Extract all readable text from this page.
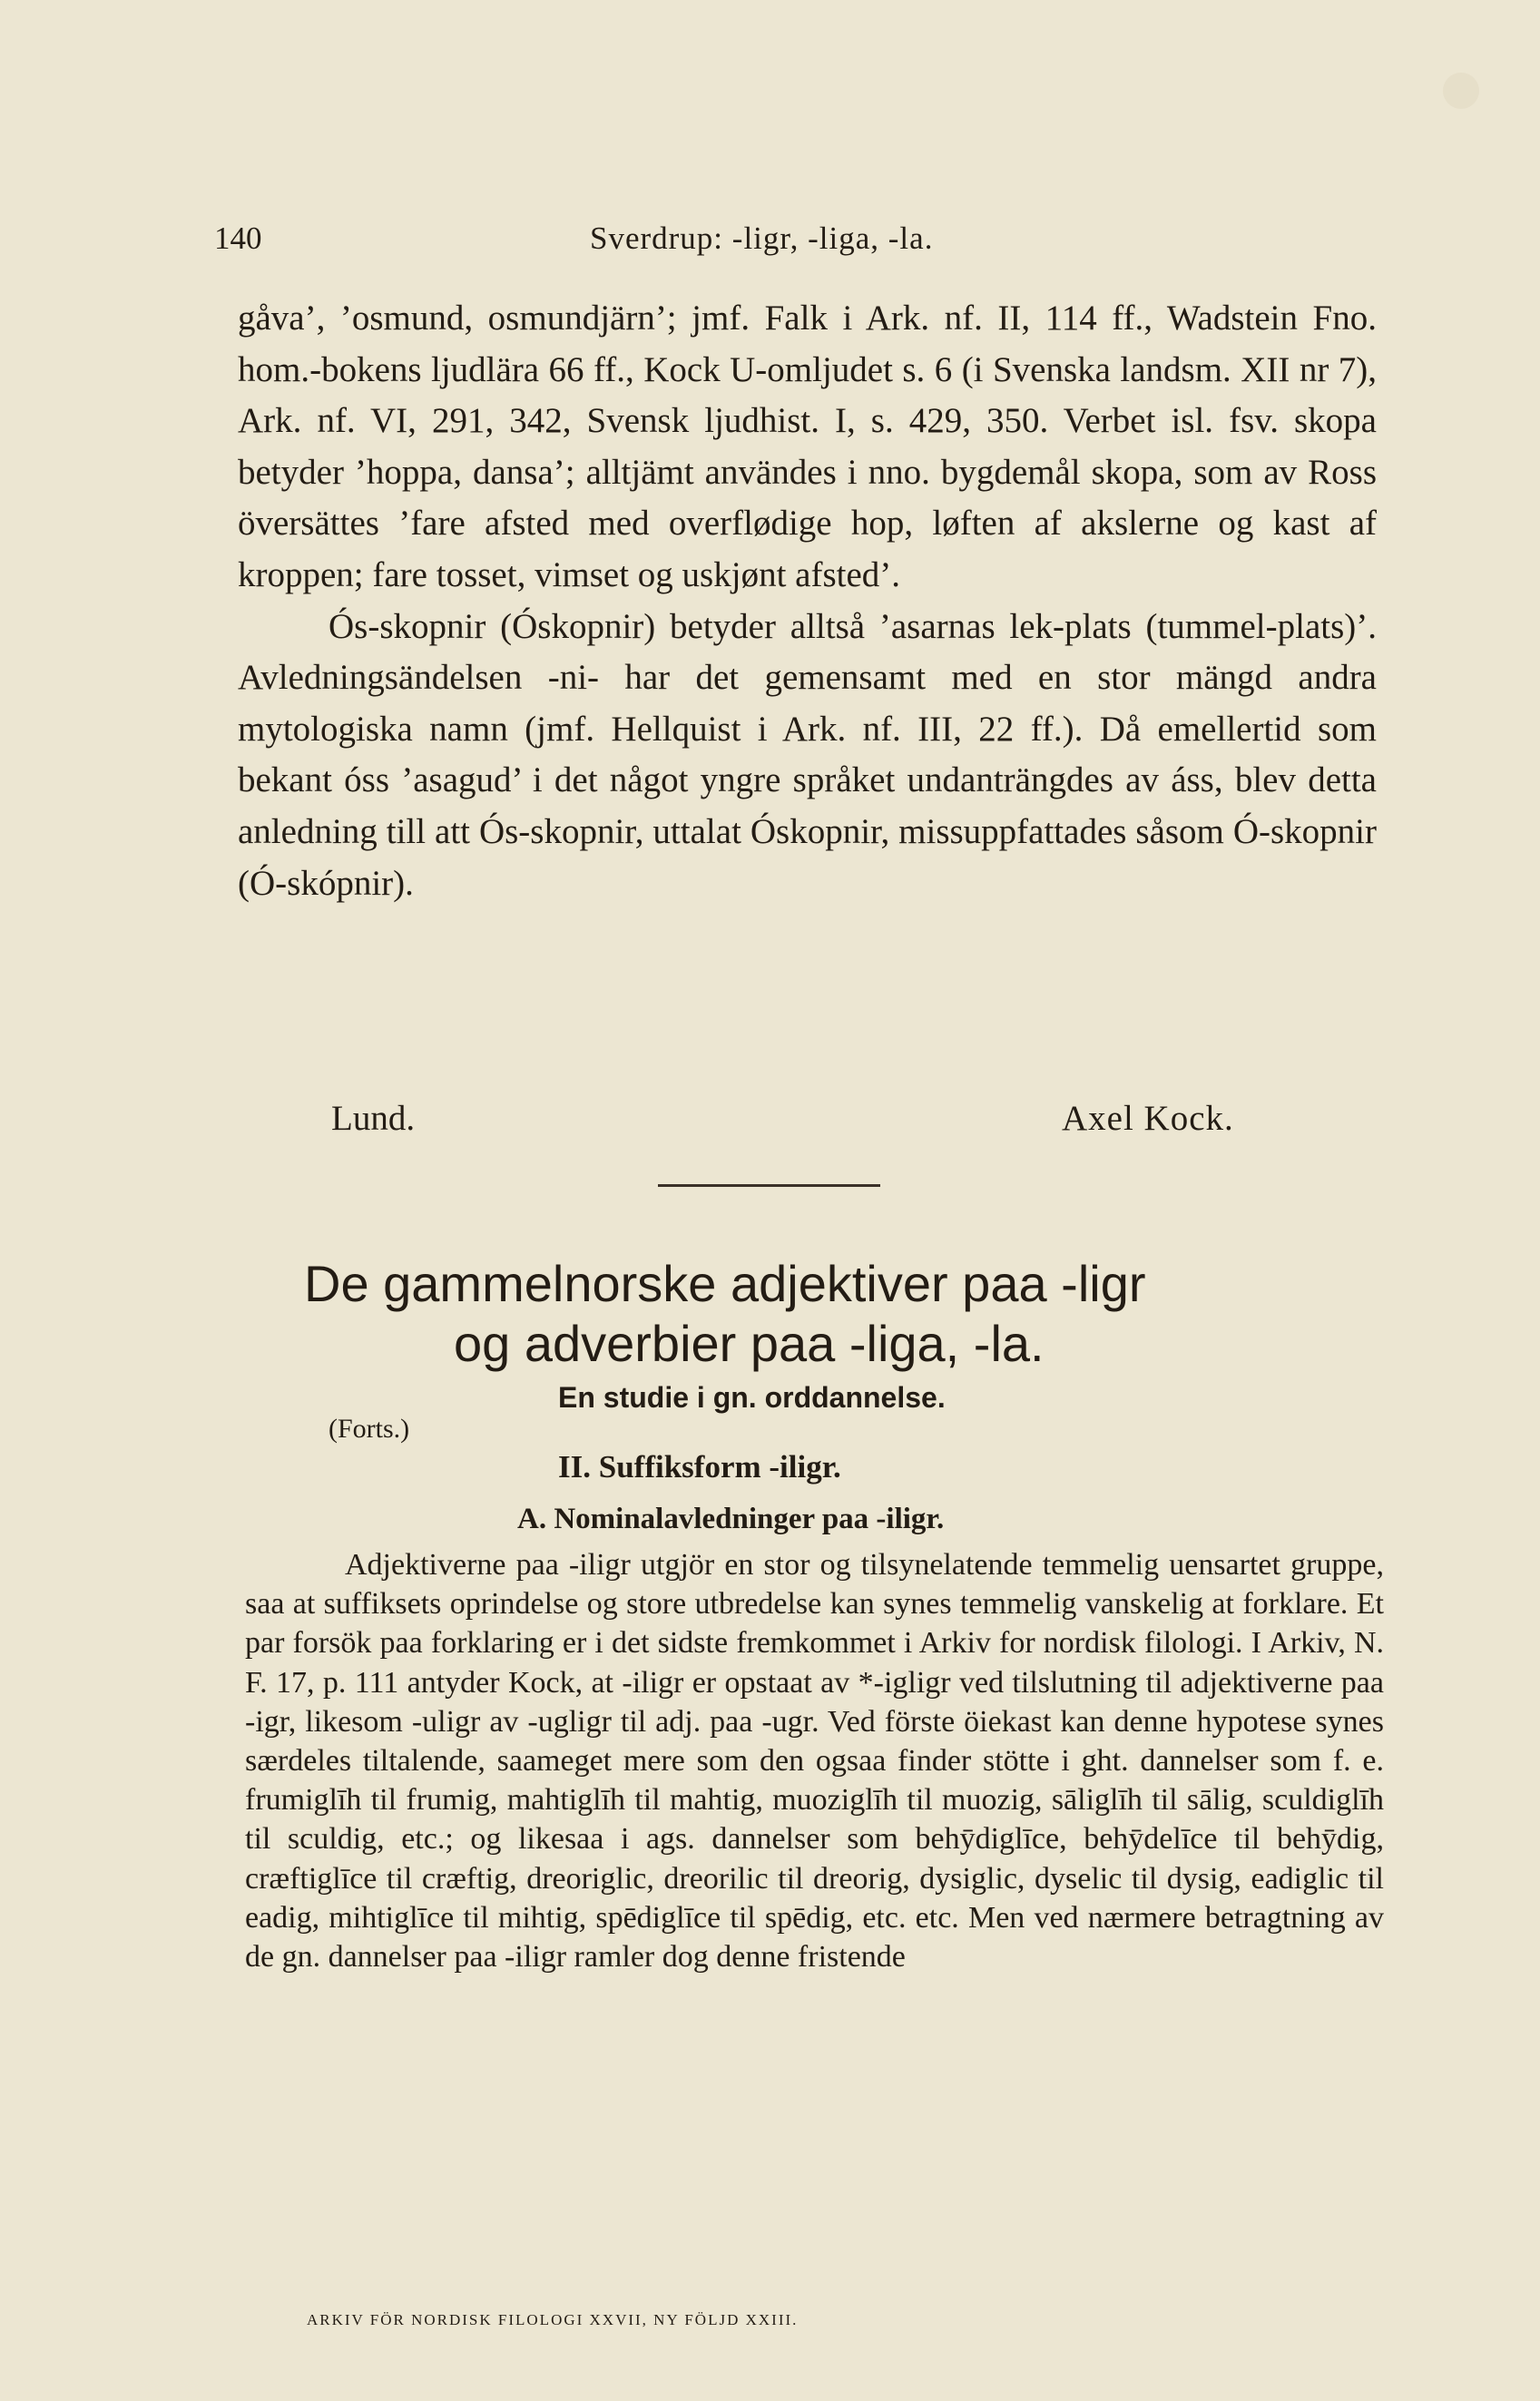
140	Sverdrup: -ligr, -liga, -la.

gåva’, ’osmund, osmundjärn’; jmf. Falk i Ark. nf. II, 114 ff., Wadstein Fno. hom.-bokens ljudlära 66 ff., Kock U-omljudet s. 6 (i Svenska landsm. XII nr 7), Ark. nf. VI, 291, 342, Svensk ljudhist. I, s. 429, 350. Verbet isl. fsv. skopa betyder ’hoppa, dansa’; alltjämt användes i nno. bygdemål skopa, som av Ross översättes ’fare afsted med overflødige hop, løften af akslerne og kast af kroppen; fare tosset, vimset og uskjønt afsted’.

Ós-skopnir (Óskopnir) betyder alltså ’asarnas lek-plats (tummel-plats)’. Avledningsändelsen -ni- har det gemensamt med en stor mängd andra mytologiska namn (jmf. Hellquist i Ark. nf. III, 22 ff.). Då emellertid som bekant óss ’asagud’ i det något yngre språket undanträngdes av áss, blev detta anledning till att Ós-skopnir, uttalat Óskopnir, missuppfattades såsom Ó-skopnir (Ó-skópnir).

Lund.	Axel Kock.
De gammelnorske adjektiver paa -ligr
og adverbier paa -liga, -la.
En studie i gn. orddannelse.
(Forts.)
II. Suffiksform -iligr.
A. Nominalavledninger paa -iligr.

Adjektiverne paa -iligr utgjör en stor og tilsynelatende temmelig uensartet gruppe, saa at suffiksets oprindelse og store utbredelse kan synes temmelig vanskelig at forklare. Et par forsök paa forklaring er i det sidste fremkommet i Arkiv for nordisk filologi. I Arkiv, N. F. 17, p. 111 antyder Kock, at -iligr er opstaat av *-igligr ved tilslutning til adjektiverne paa -igr, likesom -uligr av -ugligr til adj. paa -ugr. Ved förste öiekast kan denne hypotese synes særdeles tiltalende, saameget mere som den ogsaa finder stötte i ght. dannelser som f. e. frumiglīh til frumig, mahtiglīh til mahtig, muoziglīh til muozig, sāliglīh til sālig, sculdiglīh til sculdig, etc.; og likesaa i ags. dannelser som behȳdiglīce, behȳdelīce til behȳdig, cræftiglīce til cræftig, dreoriglic, dreorilic til dreorig, dysiglic, dyselic til dysig, eadiglic til eadig, mihtiglīce til mihtig, spēdiglīce til spēdig, etc. etc. Men ved nærmere betragtning av de gn. dannelser paa -iligr ramler dog denne fristende

ARKIV FÖR NORDISK FILOLOGI XXVII, NY FÖLJD XXIII.
